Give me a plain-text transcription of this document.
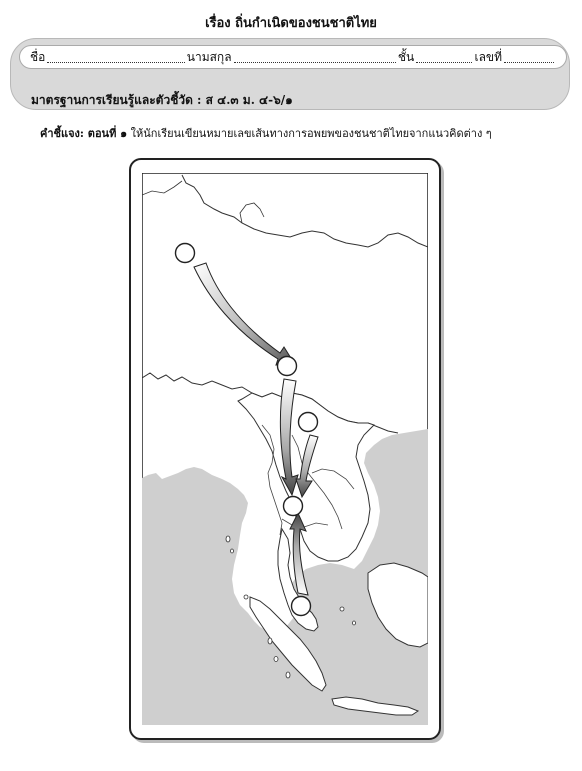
เรื่อง ถิ่นกำเนิดของชนชาติไทย
ชื่อ	นามสกุล	ชั้น	เลขที่
มาตรฐานการเรียนรู้และตัวชี้วัด : ส ๔.๓ ม. ๔-๖/๑
คำชี้แจง: ตอนที่ ๑ ให้นักเรียนเขียนหมายเลขเส้นทางการอพยพของชนชาติไทยจากแนวคิดต่าง ๆ
